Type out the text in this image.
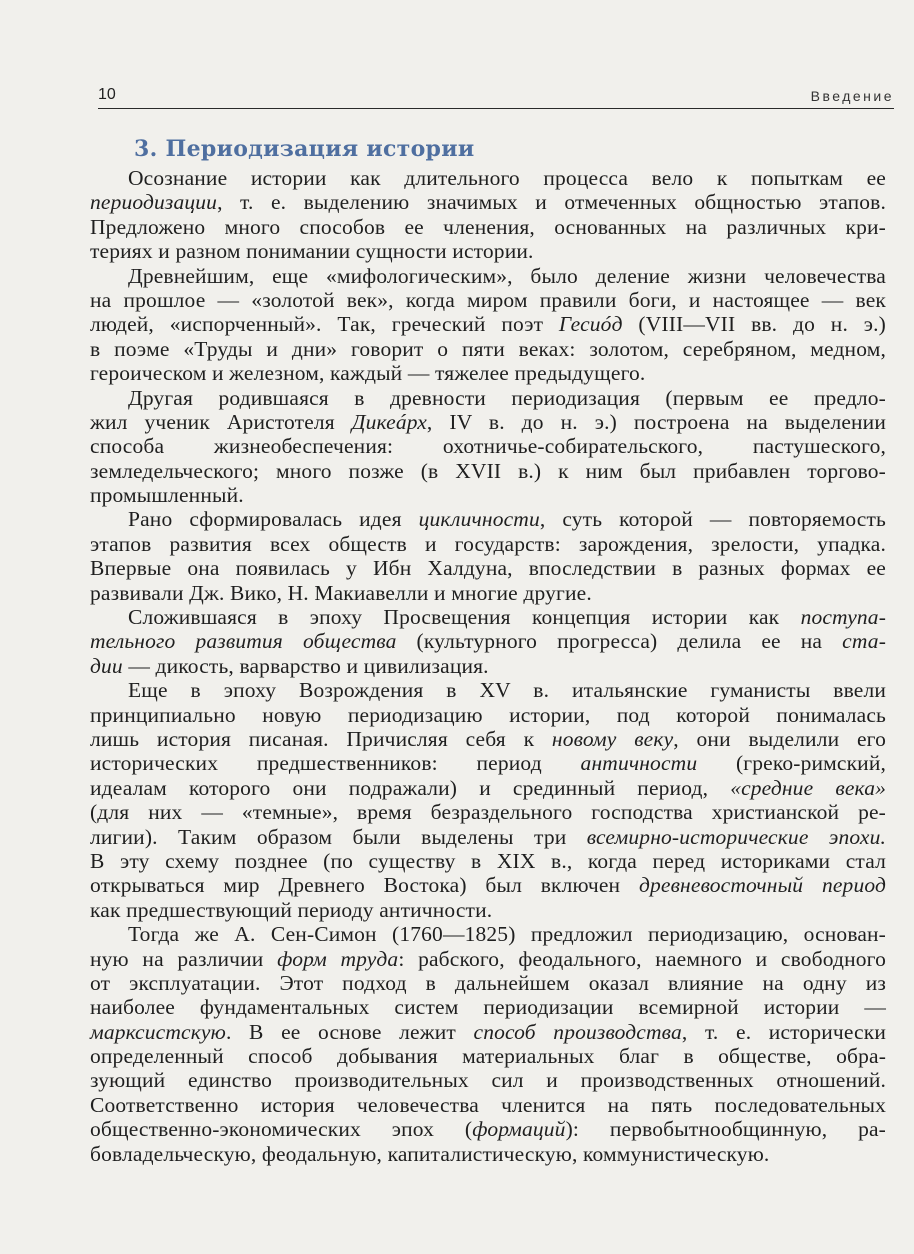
10	Введение
3. Периодизация истории
Осознание истории как длительного процесса вело к попыткам ее
периодизации, т. е. выделению значимых и отмеченных общностью этапов.
Предложено много способов ее членения, основанных на различных кри-
териях и разном понимании сущности истории.
Древнейшим, еще «мифологическим», было деление жизни человечества
на прошлое — «золотой век», когда миром правили боги, и настоящее — век
людей, «испорченный». Так, греческий поэт Гесиóд (VIII—VII вв. до н. э.)
в поэме «Труды и дни» говорит о пяти веках: золотом, серебряном, медном,
героическом и железном, каждый — тяжелее предыдущего.
Другая родившаяся в древности периодизация (первым ее предло-
жил ученик Аристотеля Дикеáрх, IV в. до н. э.) построена на выделении
способа жизнеобеспечения: охотничье-собирательского, пастушеского,
земледельческого; много позже (в XVII в.) к ним был прибавлен торгово-
промышленный.
Рано сформировалась идея цикличности, суть которой — повторяемость
этапов развития всех обществ и государств: зарождения, зрелости, упадка.
Впервые она появилась у Ибн Халдуна, впоследствии в разных формах ее
развивали Дж. Вико, Н. Макиавелли и многие другие.
Сложившаяся в эпоху Просвещения концепция истории как поступа-
тельного развития общества (культурного прогресса) делила ее на ста-
дии — дикость, варварство и цивилизация.
Еще в эпоху Возрождения в XV в. итальянские гуманисты ввели
принципиально новую периодизацию истории, под которой понималась
лишь история писаная. Причисляя себя к новому веку, они выделили его
исторических предшественников: период античности (греко-римский,
идеалам которого они подражали) и срединный период, «средние века»
(для них — «темные», время безраздельного господства христианской ре-
лигии). Таким образом были выделены три всемирно-исторические эпохи.
В эту схему позднее (по существу в XIX в., когда перед историками стал
открываться мир Древнего Востока) был включен древневосточный период
как предшествующий периоду античности.
Тогда же А. Сен-Симон (1760—1825) предложил периодизацию, основан-
ную на различии форм труда: рабского, феодального, наемного и свободного
от эксплуатации. Этот подход в дальнейшем оказал влияние на одну из
наиболее фундаментальных систем периодизации всемирной истории —
марксистскую. В ее основе лежит способ производства, т. е. исторически
определенный способ добывания материальных благ в обществе, обра-
зующий единство производительных сил и производственных отношений.
Соответственно история человечества членится на пять последовательных
общественно-экономических эпох (формаций): первобытнообщинную, ра-
бовладельческую, феодальную, капиталистическую, коммунистическую.
